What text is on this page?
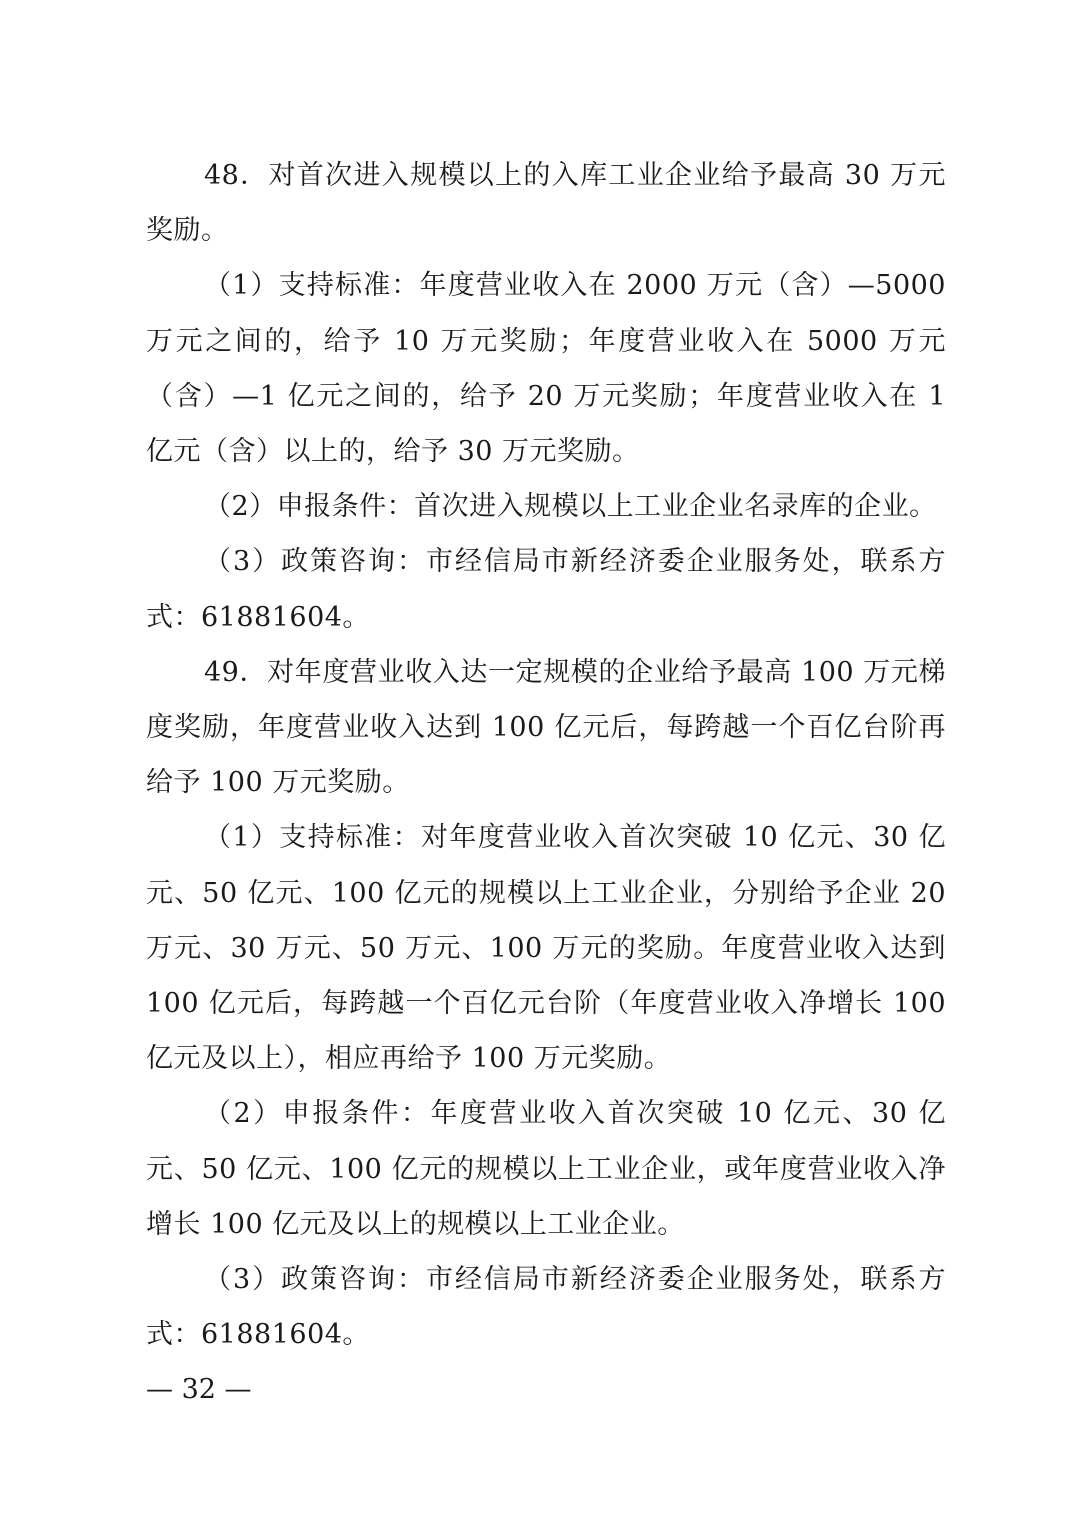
48．对首次进入规模以上的入库工业企业给予最高 30 万元奖励。

（1）支持标准：年度营业收入在 2000 万元（含）—5000 万元之间的，给予 10 万元奖励；年度营业收入在 5000 万元（含）—1 亿元之间的，给予 20 万元奖励；年度营业收入在 1 亿元（含）以上的，给予 30 万元奖励。

（2）申报条件：首次进入规模以上工业企业名录库的企业。

（3）政策咨询：市经信局市新经济委企业服务处，联系方式：61881604。

49．对年度营业收入达一定规模的企业给予最高 100 万元梯度奖励，年度营业收入达到 100 亿元后，每跨越一个百亿台阶再给予 100 万元奖励。

（1）支持标准：对年度营业收入首次突破 10 亿元、30 亿元、50 亿元、100 亿元的规模以上工业企业，分别给予企业 20 万元、30 万元、50 万元、100 万元的奖励。年度营业收入达到 100 亿元后，每跨越一个百亿元台阶（年度营业收入净增长 100 亿元及以上），相应再给予 100 万元奖励。

（2）申报条件：年度营业收入首次突破 10 亿元、30 亿元、50 亿元、100 亿元的规模以上工业企业，或年度营业收入净增长 100 亿元及以上的规模以上工业企业。

（3）政策咨询：市经信局市新经济委企业服务处，联系方式：61881604。

— 32 —
